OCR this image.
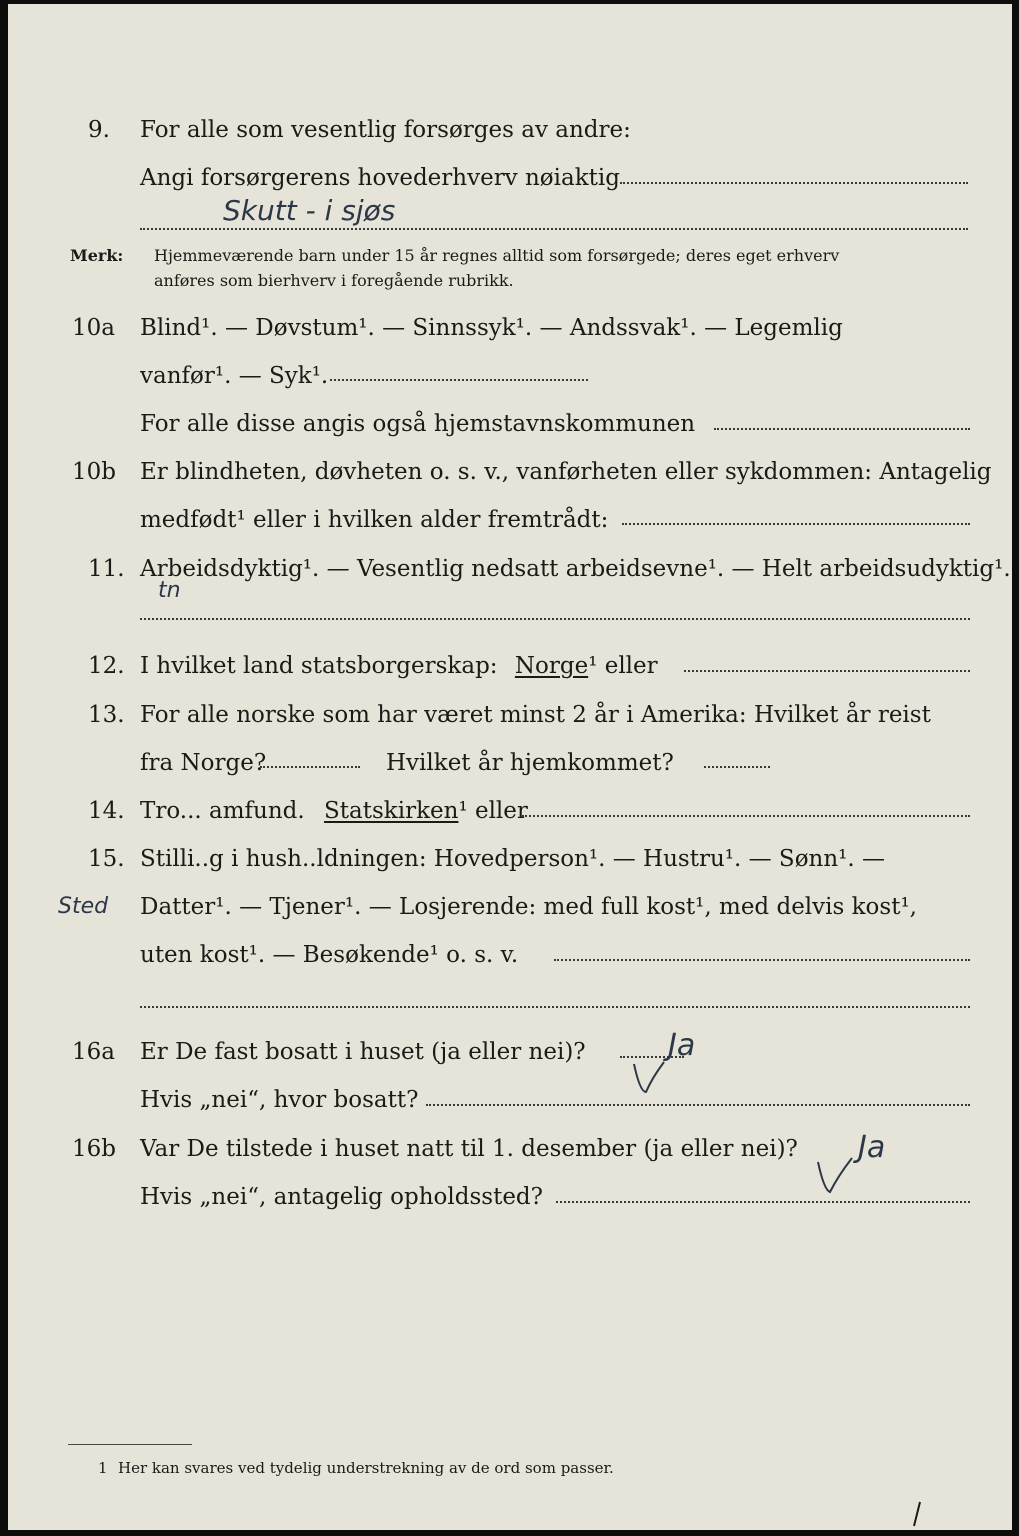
9.	For alle som vesentlig forsørges av andre:
Angi forsørgerens hovederhverv nøiaktig
Skutt - i sjøs
Merk: Hjemmeværende barn under 15 år regnes alltid som forsørgede; deres eget erhverv
anføres som bierhverv i foregående rubrikk.
10a	Blind¹. — Døvstum¹. — Sinnssyk¹. — Andssvak¹. — Legemlig
vanfør¹. — Syk¹.
For alle disse angis også hjemstavnskommunen
10b	Er blindheten, døvheten o. s. v., vanførheten eller sykdommen: Antagelig
medfødt¹ eller i hvilken alder fremtrådt:
11. Arbeidsdyktig¹. — Vesentlig nedsatt arbeidsevne¹. — Helt arbeidsudyktig¹.
tn
12. I hvilket land statsborgerskap: Norge¹ eller
13. For alle norske som har været minst 2 år i Amerika: Hvilket år reist
fra Norge?	Hvilket år hjemkommet?
14. Tro... amfund. Statskirken¹ eller
15. Stilli..g i hush..ldningen: Hovedperson¹. — Hustru¹. — Sønn¹. —
Sted Datter¹. — Tjener¹. — Losjerende: med full kost¹, med delvis kost¹,
uten kost¹. — Besøkende¹ o. s. v.
16a	Er De fast bosatt i huset (ja eller nei)?	Ja
Hvis „nei“, hvor bosatt?
16b	Var De tilstede i huset natt til 1. desember (ja eller nei)? Ja
Hvis „nei“, antagelig opholdssted?
1 Her kan svares ved tydelig understrekning av de ord som passer.
